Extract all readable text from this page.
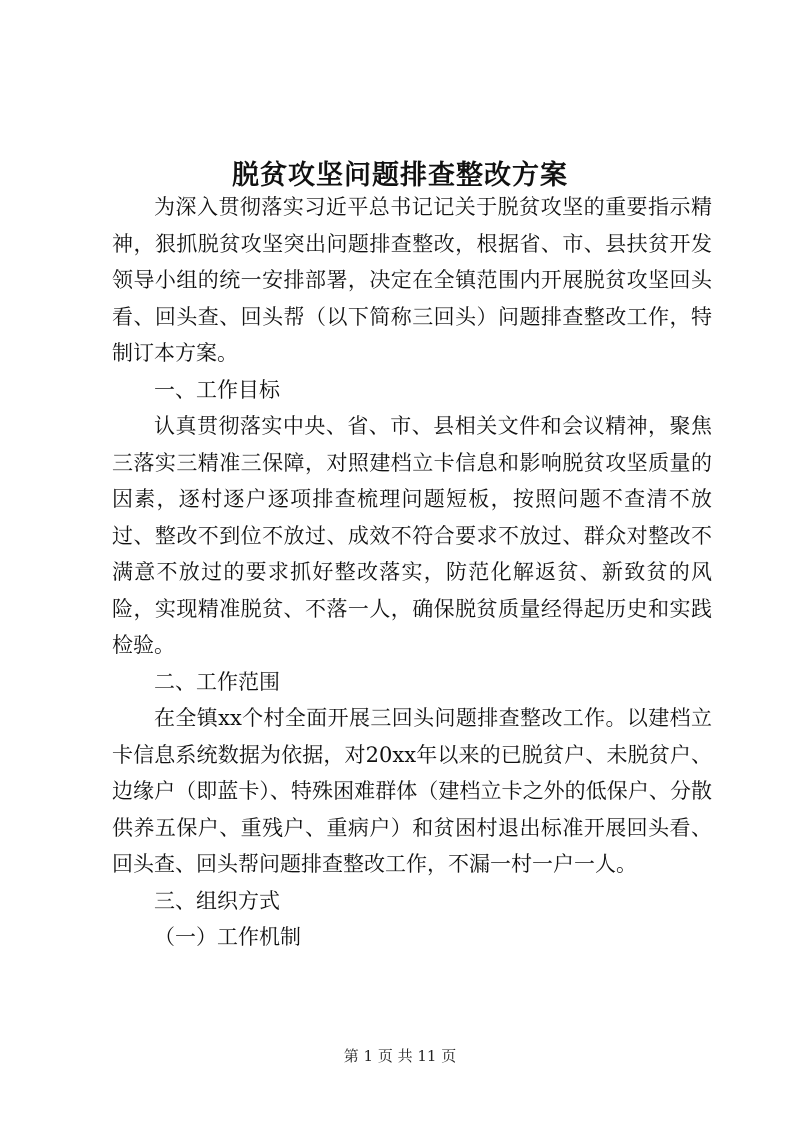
脱贫攻坚问题排查整改方案

为深入贯彻落实习近平总书记记关于脱贫攻坚的重要指示精神，狠抓脱贫攻坚突出问题排查整改，根据省、市、县扶贫开发领导小组的统一安排部署，决定在全镇范围内开展脱贫攻坚回头看、回头查、回头帮（以下简称三回头）问题排查整改工作，特制订本方案。

一、工作目标

认真贯彻落实中央、省、市、县相关文件和会议精神，聚焦三落实三精准三保障，对照建档立卡信息和影响脱贫攻坚质量的因素，逐村逐户逐项排查梳理问题短板，按照问题不查清不放过、整改不到位不放过、成效不符合要求不放过、群众对整改不满意不放过的要求抓好整改落实，防范化解返贫、新致贫的风险，实现精准脱贫、不落一人，确保脱贫质量经得起历史和实践检验。

二、工作范围

在全镇xx个村全面开展三回头问题排查整改工作。以建档立卡信息系统数据为依据，对20xx年以来的已脱贫户、未脱贫户、边缘户（即蓝卡）、特殊困难群体（建档立卡之外的低保户、分散供养五保户、重残户、重病户）和贫困村退出标准开展回头看、回头查、回头帮问题排查整改工作，不漏一村一户一人。

三、组织方式

（一）工作机制

第 1 页 共 11 页
